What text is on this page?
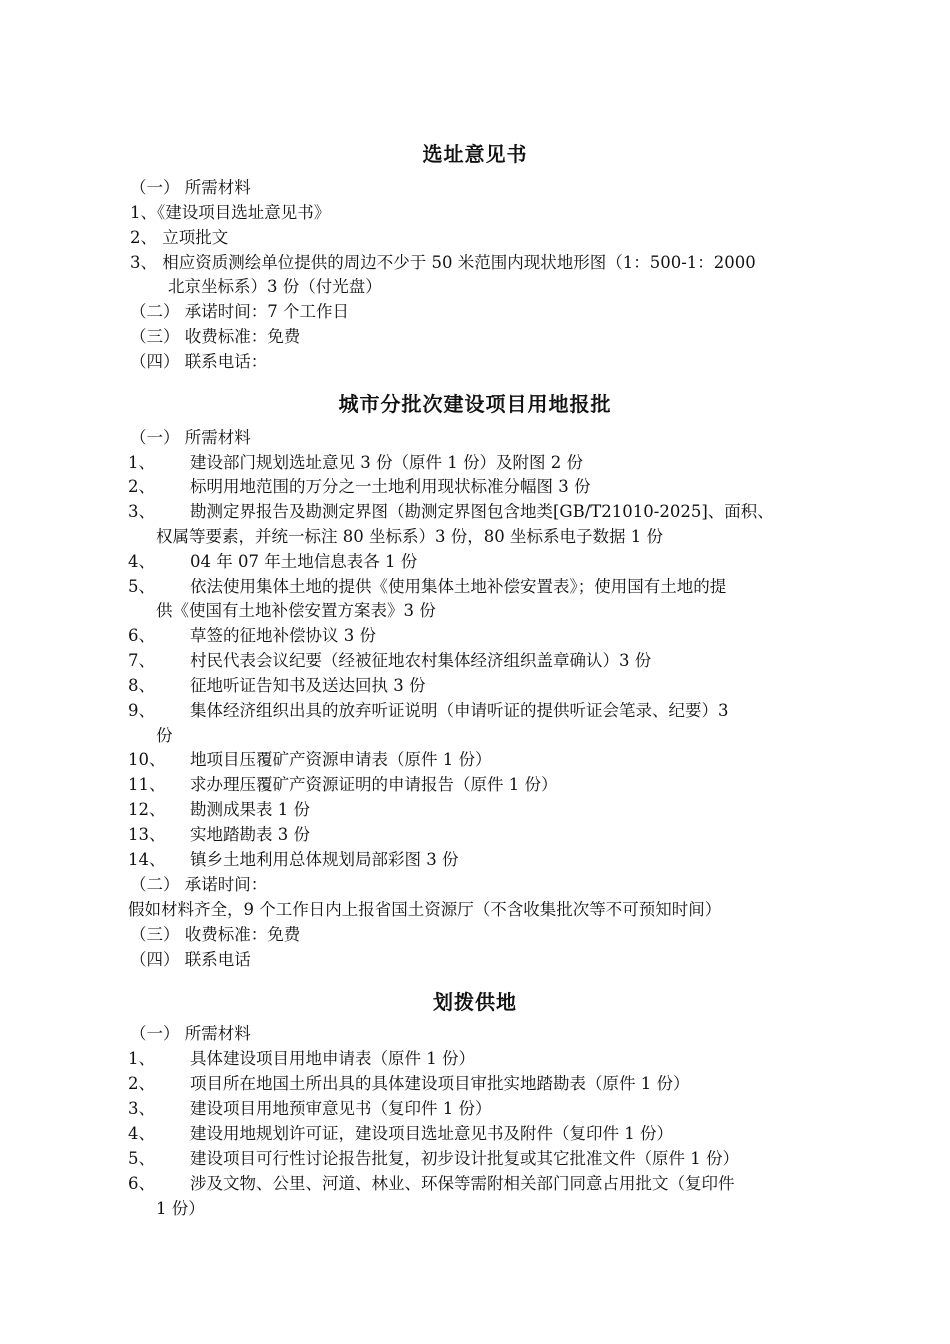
选址意见书
（一） 所需材料
1、《建设项目选址意见书》
2、 立项批文
3、 相应资质测绘单位提供的周边不少于 50 米范围内现状地形图（1：500-1：2000
北京坐标系）3 份（付光盘）
（二） 承诺时间：7 个工作日
（三） 收费标准：免费
（四） 联系电话：
城市分批次建设项目用地报批
（一） 所需材料
1、 建设部门规划选址意见 3 份（原件 1 份）及附图 2 份
2、 标明用地范围的万分之一土地利用现状标准分幅图 3 份
3、 勘测定界报告及勘测定界图（勘测定界图包含地类[GB/T21010-2025]、面积、
权属等要素，并统一标注 80 坐标系）3 份，80 坐标系电子数据 1 份
4、 04 年 07 年土地信息表各 1 份
5、 依法使用集体土地的提供《使用集体土地补偿安置表》；使用国有土地的提
供《使国有土地补偿安置方案表》3 份
6、 草签的征地补偿协议 3 份
7、 村民代表会议纪要（经被征地农村集体经济组织盖章确认）3 份
8、 征地听证告知书及送达回执 3 份
9、 集体经济组织出具的放弃听证说明（申请听证的提供听证会笔录、纪要）3
份
10、 地项目压覆矿产资源申请表（原件 1 份）
11、 求办理压覆矿产资源证明的申请报告（原件 1 份）
12、 勘测成果表 1 份
13、 实地踏勘表 3 份
14、 镇乡土地利用总体规划局部彩图 3 份
（二） 承诺时间：
假如材料齐全，9 个工作日内上报省国土资源厅（不含收集批次等不可预知时间）
（三） 收费标准：免费
（四） 联系电话
划拨供地
（一） 所需材料
1、 具体建设项目用地申请表（原件 1 份）
2、 项目所在地国土所出具的具体建设项目审批实地踏勘表（原件 1 份）
3、 建设项目用地预审意见书（复印件 1 份）
4、 建设用地规划许可证，建设项目选址意见书及附件（复印件 1 份）
5、 建设项目可行性讨论报告批复，初步设计批复或其它批准文件（原件 1 份）
6、 涉及文物、公里、河道、林业、环保等需附相关部门同意占用批文（复印件
1 份）
